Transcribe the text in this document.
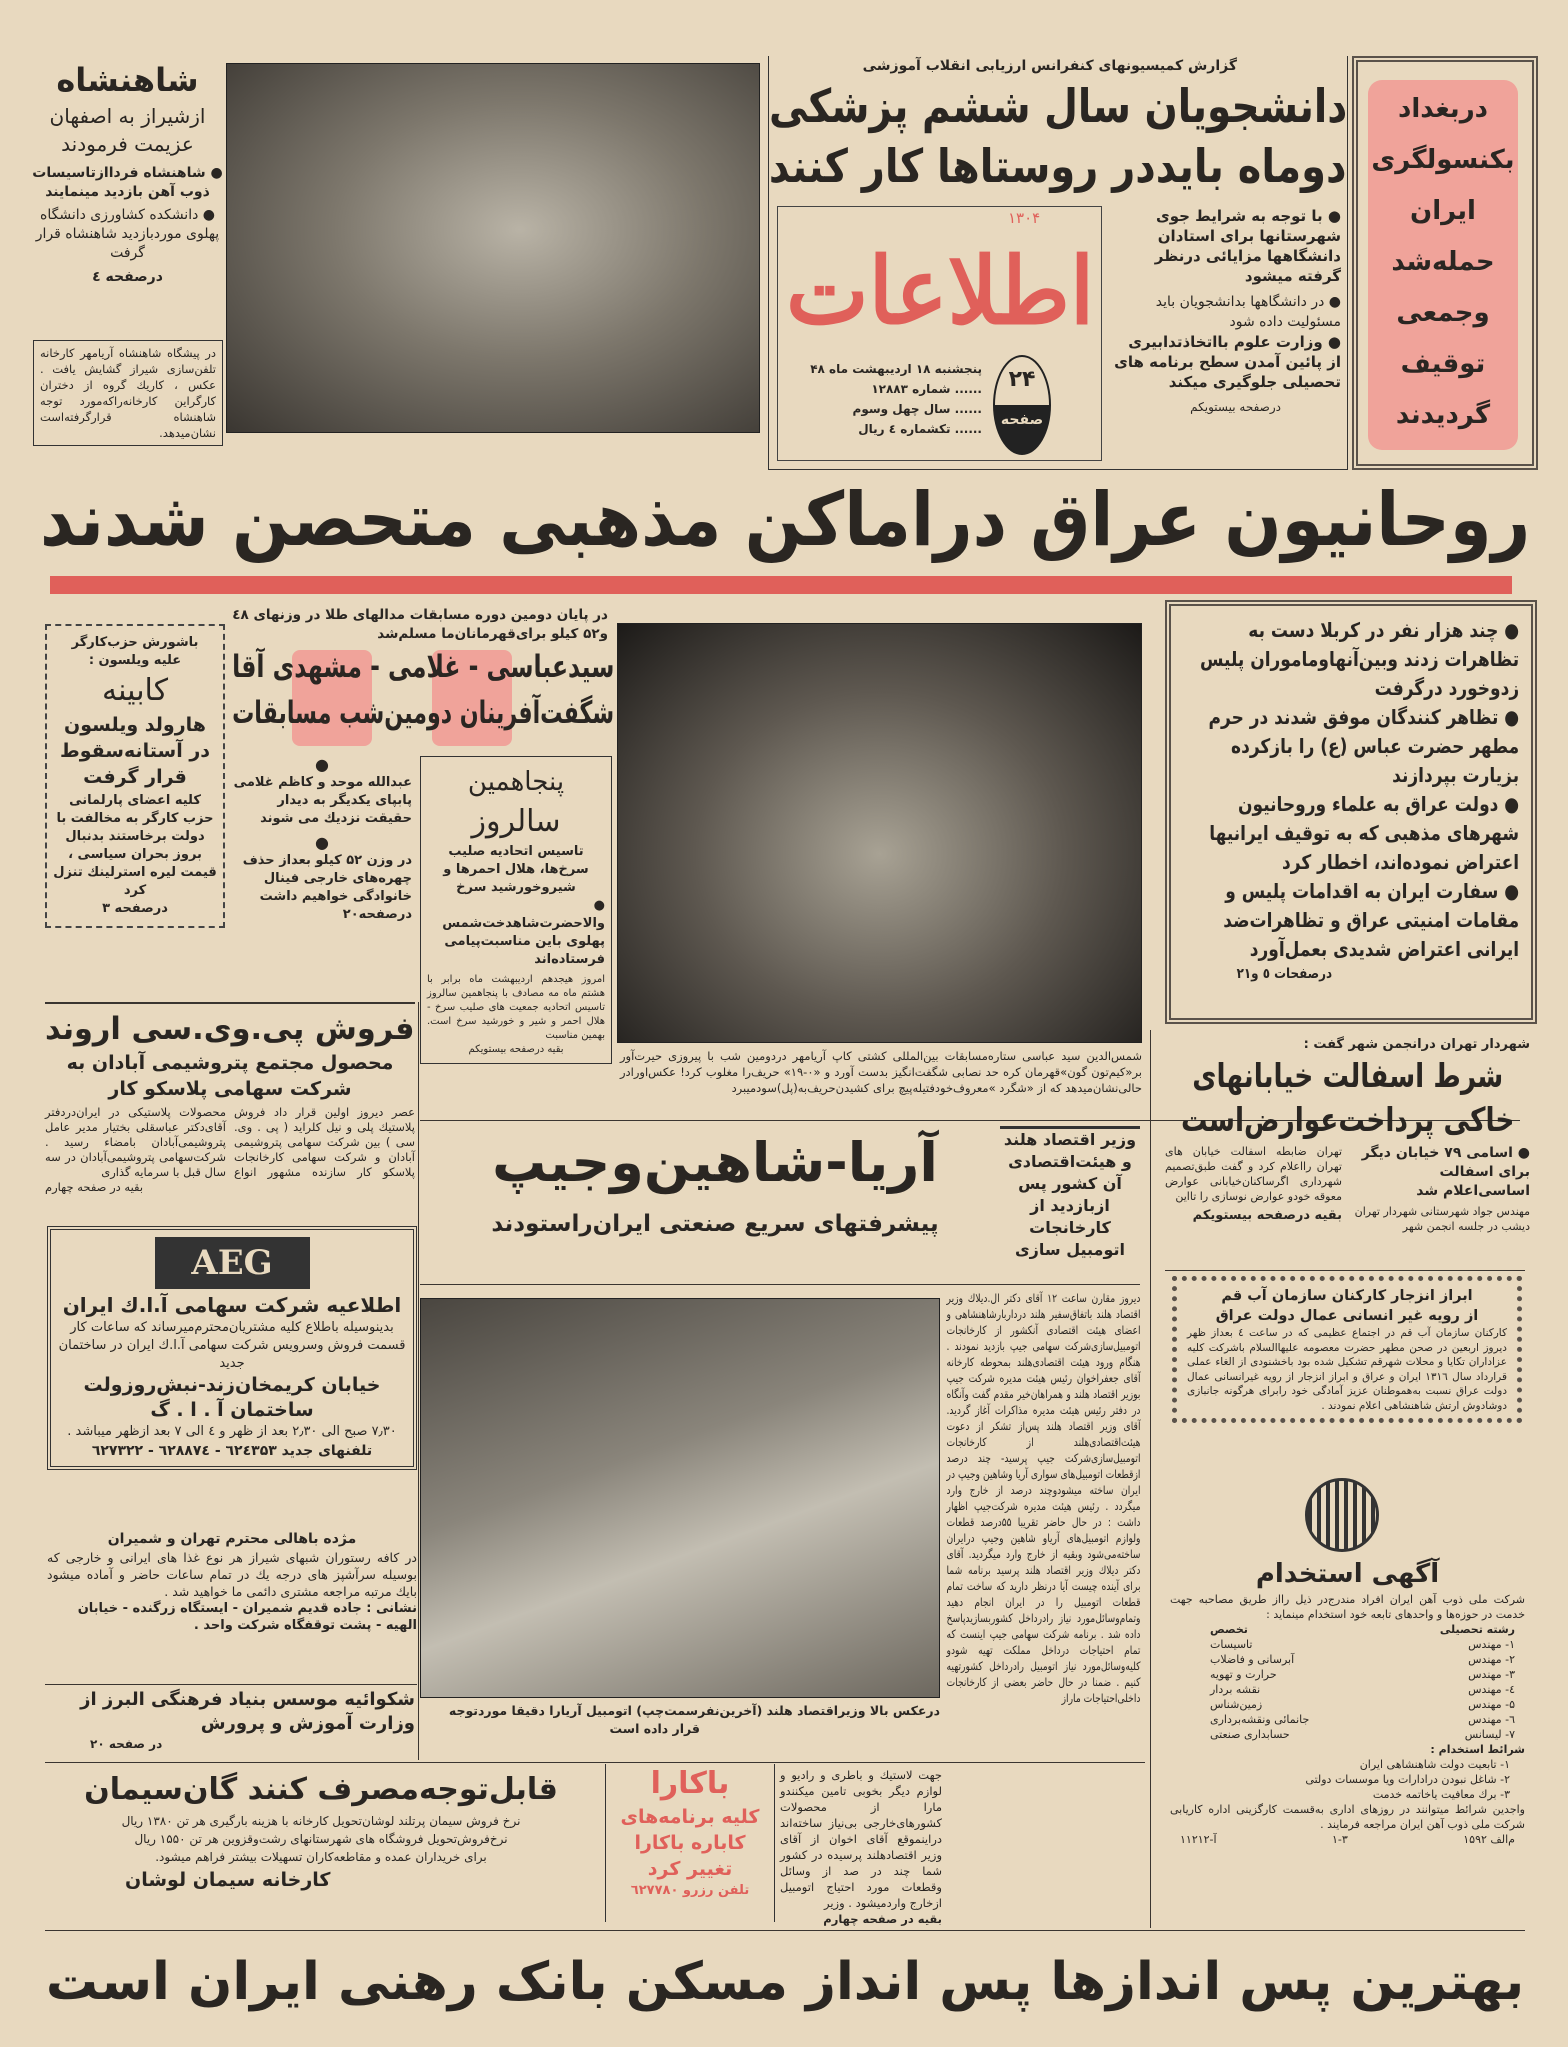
شاهنشاه
ازشیراز به اصفهان
عزیمت فرمودند
● شاهنشاه فرداازتاسیسات ذوب آهن بازدید مینمایند
● دانشکده کشاورزی دانشگاه پهلوی موردبازدید شاهنشاه قرار گرفت
درصفحه ٤
در پیشگاه شاهنشاه آریامهر کارخانه تلفن‌سازی شیراز گشایش یافت . عکس ، کاریك گروه از دختران کارگراین کارخانه‌راکه‌مورد توجه شاهنشاه قرارگرفته‌است نشان‌میدهد.
گزارش کمیسیونهای کنفرانس ارزیابی انقلاب آموزشی
دانشجویان سال ششم پزشکی
دوماه بایددر روستاها کار کنند
● با توجه به شرایط جوی شهرستانها برای استادان دانشگاهها مزایائی درنظر گرفته میشود
● در دانشگاهها بدانشجویان باید مسئولیت داده شود
● وزارت علوم بااتخاذتدابیری از پائین آمدن سطح برنامه های تحصیلی جلوگیری میکند
درصفحه بیستویکم
۱۳۰۴
اطلاعات
پنجشنبه ۱۸ اردیبهشت ماه ۴۸
...... شماره ۱۲۸۸۳
...... سال چهل وسوم
...... تکشماره ٤ ریال
۲۴
صفحه
دربغداد
بکنسولگری
ایران
حمله‌شد
وجمعی
توقیف
گردیدند
روحانیون عراق دراماکن مذهبی متحصن شدند
باشورش حزب‌کارگر
علیه ویلسون :
کابینه
هارولد ویلسون در آستانه‌سقوط قرار گرفت
کلیه اعضای پارلمانی حزب کارگر به مخالفت با دولت برخاستند بدنبال بروز بحران سیاسی ، قیمت لیره استرلینك تنزل کرد
درصفحه ۳
در پایان دومین دوره مسابقات مدالهای طلا در وزنهای ٤۸ و۵۲ کیلو برای‌قهرمانان‌ما مسلم‌شد
سیدعباسی - غلامی - مشهدی آقا
شگفت‌آفرینان دومین‌شب مسابقات
●
عبدالله موحد و کاظم غلامی پابپای یکدیگر به دیدار حقیقت نزدیك می شوند
●
در وزن ۵۲ کیلو بعداز حذف چهره‌های خارجی فینال خانوادگی خواهیم داشت
درصفحه۲۰
پنجاهمین
سالروز
تاسیس اتحادیه صلیب سرخ‌ها، هلال احمرها و شیروخورشید سرخ
● والاحضرت‌شاهدخت‌شمس پهلوی باین مناسبت‌پیامی فرستاده‌اند
امروز هیجدهم اردیبهشت ماه برابر با هشتم ماه مه مصادف با پنجاهمین سالروز تاسیس اتحادیه جمعیت های صلیب سرخ - هلال احمر و شیر و خورشید سرخ است. بهمین مناسبت
بقیه درصفحه بیستویکم	شمس‌الدین سید عباسی ستاره‌مسابقات بین‌المللی کشتی کاپ آریامهر دردومین شب با پیروزی حیرت‌آور بر«کیم‌تون گون»قهرمان کره حد نصابی شگفت‌انگیز بدست آورد و «۰-۱۹» حریف‌را مغلوب کرد! عکس‌اورادر حالی‌نشان‌میدهد که از «شگرد »معروف‌خودفتیله‌پیچ برای کشیدن‌حریف‌به‌(پل)سودمیبرد
● چند هزار نفر در کربلا دست به تظاهرات زدند وبین‌آنهاوماموران پلیس زدوخورد درگرفت
● تظاهر کنندگان موفق شدند در حرم مطهر حضرت عباس (ع) را بازکرده بزیارت بپردازند
● دولت عراق به علماء وروحانیون شهرهای مذهبی که به توقیف ایرانیها اعتراض نموده‌اند، اخطار کرد
● سفارت ایران به اقدامات پلیس و مقامات امنیتی عراق و تظاهرات‌ضد ایرانی اعتراض شدیدی بعمل‌آورد
درصفحات ٥ و۲۱
فروش پی.وی.سی اروند
محصول مجتمع پتروشیمی آبادان به شرکت سهامی پلاسکو کار
عصر دیروز اولین قرار داد فروش پلاستیك پلی و نیل کلراید ( پی . وی. سی ) بین شرکت سهامی پتروشیمی آبادان و شرکت سهامی کارخانجات پلاسکو کار سازنده مشهور انواع محصولات پلاستیکی در ایران‌دردفتر آقای‌دکتر عباسقلی بختیار مدیر عامل پتروشیمی‌آبادان بامضاء رسید . شرکت‌سهامی پتروشیمی‌آبادان در سه سال قبل با سرمایه گذاری
بقیه در صفحه چهارم
AEG
اطلاعیه شرکت سهامی آ.ا.ك ایران
بدینوسیله باطلاع کلیه مشتریان‌محترم‌میرساند که ساعات کار قسمت فروش وسرویس شرکت سهامی آ.ا.ك ایران در ساختمان جدید
خیابان کریمخان‌زند-نبش‌روزولت
ساختمان آ . ا . گ
۷٫۳۰ صبح الی ۲٫۳۰ بعد از ظهر و ٤ الی ۷ بعد ازظهر میباشد .
تلفنهای جدید ٦۲٤۳۵۳ - ٦۲۸۸۷٤ - ٦۲۷۳۲۲
مژده باهالی محترم تهران و شمیران
در کافه رستوران شبهای شیراز هر نوع غذا های ایرانی و خارجی که بوسیله سرآشپز های درجه یك در تمام ساعات حاضر و آماده میشود بایك مرتبه مراجعه مشتری دائمی ما خواهید شد .
نشانی : جاده قدیم شمیران - ایستگاه زرگنده - خیابان الهیه - پشت توقفگاه شرکت واحد .
شکوائیه موسس بنیاد فرهنگی البرز از وزارت آموزش و پرورش
در صفحه ۲۰
وزیر اقتصاد هلند و هیئت‌اقتصادی آن کشور پس ازبازدید از کارخانجات اتومبیل سازی
آریا-شاهین‌وجیپ
پیشرفتهای سریع صنعتی ایران‌راستودند
درعکس بالا وزیراقتصاد هلند (آخرین‌نفرسمت‌چپ) اتومبیل آریارا دقیقا موردتوجه
قرار داده است
دیروز مقارن ساعت ۱۲ آقای دکتر ال.دیلاك وزیر اقتصاد هلند باتفاق‌سفیر هلند درداربارشاهنشاهی و اعضای هیئت اقتصادی آنکشور از کارخانجات اتومبیل‌سازی‌شرکت سهامی جیپ بازدید نمودند . هنگام ورود هیئت اقتصادی‌هلند بمحوطه کارخانه آقای جعفراخوان رئیس هیئت مدیره شرکت جیپ بوزیر اقتصاد هلند و همراهان‌خیر مقدم گفت وآنگاه در دفتر رئیس هیئت مدیره مذاکرات آغاز گردید. آقای وزیر اقتصاد هلند پس‌از تشکر از دعوت هیئت‌اقتصادی‌هلند از کارخانجات اتومبیل‌سازی‌شرکت جیپ پرسید- چند درصد ازقطعات اتومبیل‌های سواری آریا وشاهین وجیپ در ایران ساخته میشودوچند درصد از خارج وارد میگردد . رئیس هیئت مدیره شرکت‌جیپ اظهار داشت : در حال حاضر تقریبا ۵۵درصد قطعات ولوازم اتومبیل‌های آریاو شاهین وجیپ درایران ساخته‌می‌شود وبقیه از خارج وارد میگردید. آقای دکتر دیلاك وزیر اقتصاد هلند پرسید برنامه شما برای آینده چیست آیا درنظر دارید که ساخت تمام قطعات اتومبیل را در ایران انجام دهید وتمام‌وسائل‌مورد نیاز رادرداخل کشوربسازید‌پاسخ داده شد . برنامه شرکت سهامی جیپ اینست که تمام احتیاجات درداخل مملکت تهیه شودو کلیه‌وسائل‌مورد نیاز اتومبیل رادرداخل کشورتهیه کنیم . ضمنا در حال حاضر بعضی از کارخانجات داخلی‌احتیاجات ماراز
جهت لاستیك و باطری و رادیو و لوازم دیگر بخوبی تامین میکنندو مارا از محصولات کشورهای‌خارجی بی‌نیاز ساخته‌اند دراینموقع آقای اخوان از آقای وزیر اقتصادهلند پرسیده در کشور شما چند در صد از وسائل وقطعات مورد احتیاج اتومبیل ازخارج واردمیشود . وزیر
بقیه در صفحه چهارم
باکارا
کلیه برنامه‌های
کاباره باکارا
تغییر کرد
تلفن رزرو ٦۲۷۷۸۰
قابل‌توجه‌مصرف کنند گان‌سیمان
نرخ فروش سیمان پرتلند لوشان‌تحویل کارخانه با هزینه بارگیری هر تن ۱۳۸۰ ریال
نرخ‌فروش‌تحویل فروشگاه های شهرستانهای رشت‌وقزوین هر تن ۱۵۵۰ ریال
برای خریداران عمده و مقاطعه‌کاران تسهیلات بیشتر فراهم میشود.
کارخانه سیمان لوشان
شهردار تهران درانجمن شهر گفت :
شرط اسفالت خیابانهای خاکی پرداخت‌عوارض‌است
● اسامی ۷۹ خیابان دیگر برای اسفالت اساسی‌اعلام شد
مهندس جواد شهرستانی شهردار تهران دیشب در جلسه انجمن شهر
تهران ضابطه اسفالت خیابان های تهران رااعلام کرد و گفت طبق‌تصمیم شهرداری اگرساکنان‌خیابانی عوارض معوقه خودو عوارض نوسازی را تااین
بقیه درصفحه بیستویکم
ابراز انزجار کارکنان سازمان آب قم
از رویه غیر انسانی عمال دولت عراق
کارکنان سازمان آب قم در اجتماع عظیمی که در ساعت ٤ بعداز ظهر دیروز اربعین در صحن مطهر حضرت معصومه علیهاالسلام باشرکت کلیه عزاداران تکایا و محلات شهرقم تشکیل شده بود باخشنودی از الغاء عملی قرارداد سال ۱۳۱٦ ایران و عراق و ابراز انزجار از رویه غیرانسانی عمال دولت عراق نسبت به‌هموطنان عزیز آمادگی خود رابرای هرگونه جانبازی دوشادوش ارتش شاهنشاهی اعلام نمودند .
آگهی استخدام
شرکت ملی ذوب آهن ایران افراد مندرج‌در ذیل رااز طریق مصاحبه جهت خدمت در حوزه‌ها و واحدهای تابعه خود استخدام مینماید :
رشته تحصیلی
تخصص
۱- مهندس
تاسیسات
۲- مهندس
آبرسانی و فاضلاب
۳- مهندس
حرارت و تهویه
٤- مهندس
نقشه بردار
۵- مهندس
زمین‌شناس
٦- مهندس
جانمائی ونقشه‌برداری
۷- لیسانس
حسابداری صنعتی
شرائط استخدام :
۱- تابعیت دولت شاهنشاهی ایران
۲- شاغل نبودن درادارات ویا موسسات دولتی
۳- برك معافیت یاخاتمه خدمت
واجدین شرائط میتوانند در روزهای اداری به‌قسمت کارگزینی اداره کاریابی شرکت ملی ذوب آهن ایران مراجعه فرمایند .
م‌الف ۱۵۹۲
۱-۳
آ-۱۱۲۱۲
بهترین پس اندازها پس انداز مسکن بانک رهنی ایران است
